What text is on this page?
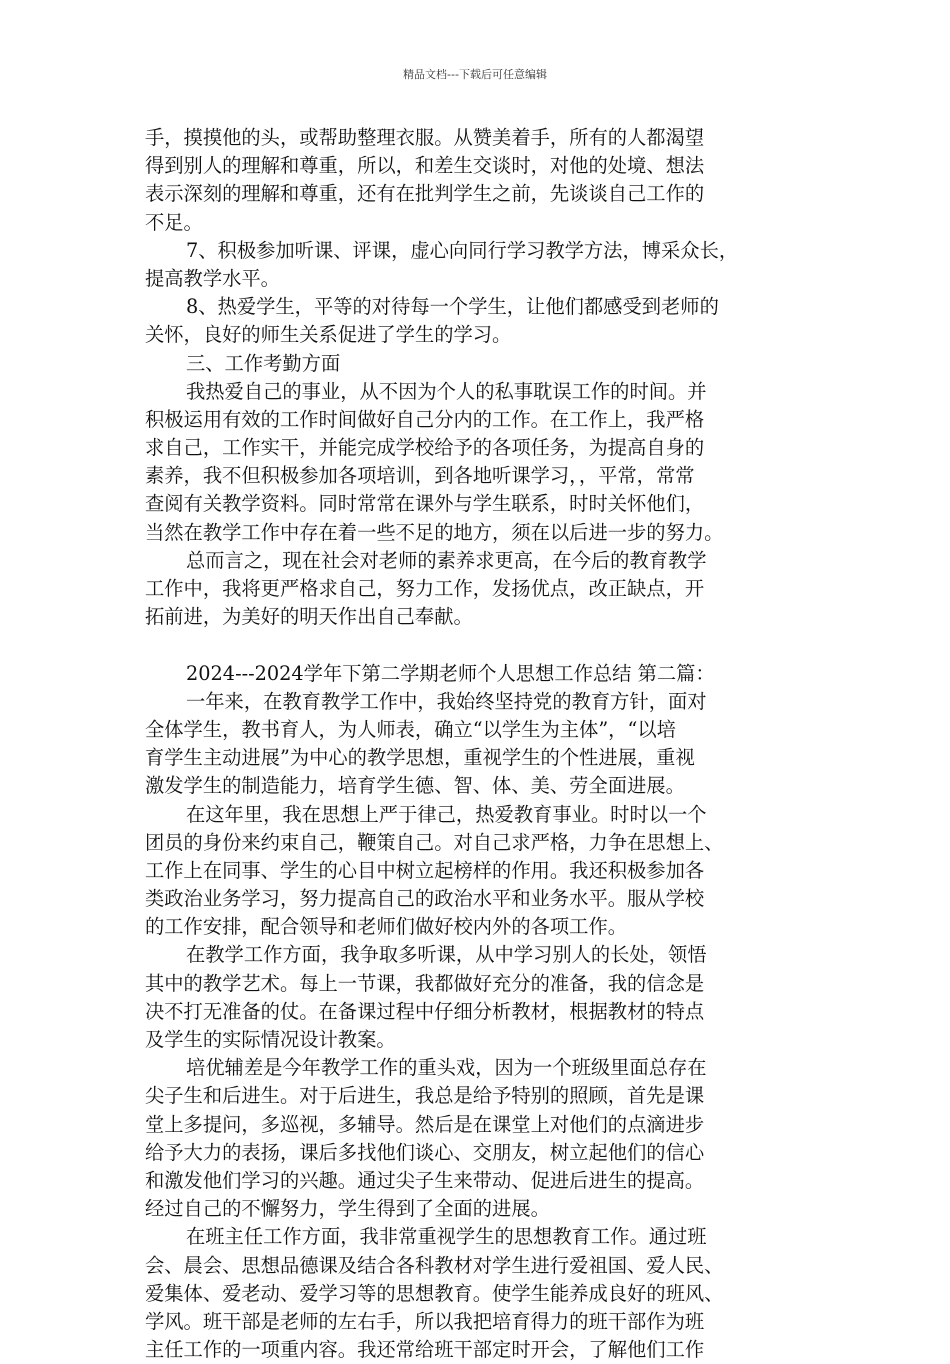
精品文档---下载后可任意编辑
手，摸摸他的头，或帮助整理衣服。从赞美着手，所有的人都渴望
得到别人的理解和尊重，所以，和差生交谈时，对他的处境、想法
表示深刻的理解和尊重，还有在批判学生之前，先谈谈自己工作的
不足。
7、积极参加听课、评课，虚心向同行学习教学方法，博采众长，
提高教学水平。
8、热爱学生，平等的对待每一个学生，让他们都感受到老师的
关怀，良好的师生关系促进了学生的学习。
三、工作考勤方面
我热爱自己的事业，从不因为个人的私事耽误工作的时间。并
积极运用有效的工作时间做好自己分内的工作。在工作上，我严格
求自己，工作实干，并能完成学校给予的各项任务，为提高自身的
素养，我不但积极参加各项培训，到各地听课学习，，平常，常常
查阅有关教学资料。同时常常在课外与学生联系，时时关怀他们，
当然在教学工作中存在着一些不足的地方，须在以后进一步的努力。
总而言之，现在社会对老师的素养求更高，在今后的教育教学
工作中，我将更严格求自己，努力工作，发扬优点，改正缺点，开
拓前进，为美好的明天作出自己奉献。
2024---2024学年下第二学期老师个人思想工作总结 第二篇：
一年来，在教育教学工作中，我始终坚持党的教育方针，面对
全体学生，教书育人，为人师表，确立“以学生为主体”，“以培
育学生主动进展”为中心的教学思想，重视学生的个性进展，重视
激发学生的制造能力，培育学生德、智、体、美、劳全面进展。
在这年里，我在思想上严于律己，热爱教育事业。时时以一个
团员的身份来约束自己，鞭策自己。对自己求严格，力争在思想上、
工作上在同事、学生的心目中树立起榜样的作用。我还积极参加各
类政治业务学习，努力提高自己的政治水平和业务水平。服从学校
的工作安排，配合领导和老师们做好校内外的各项工作。
在教学工作方面，我争取多听课，从中学习别人的长处，领悟
其中的教学艺术。每上一节课，我都做好充分的准备，我的信念是
决不打无准备的仗。在备课过程中仔细分析教材，根据教材的特点
及学生的实际情况设计教案。
培优辅差是今年教学工作的重头戏，因为一个班级里面总存在
尖子生和后进生。对于后进生，我总是给予特别的照顾，首先是课
堂上多提问，多巡视，多辅导。然后是在课堂上对他们的点滴进步
给予大力的表扬，课后多找他们谈心、交朋友，树立起他们的信心
和激发他们学习的兴趣。通过尖子生来带动、促进后进生的提高。
经过自己的不懈努力，学生得到了全面的进展。
在班主任工作方面，我非常重视学生的思想教育工作。通过班
会、晨会、思想品德课及结合各科教材对学生进行爱祖国、爱人民、
爱集体、爱老动、爱学习等的思想教育。使学生能养成良好的班风、
学风。班干部是老师的左右手，所以我把培育得力的班干部作为班
主任工作的一项重内容。我还常给班干部定时开会，了解他们工作
